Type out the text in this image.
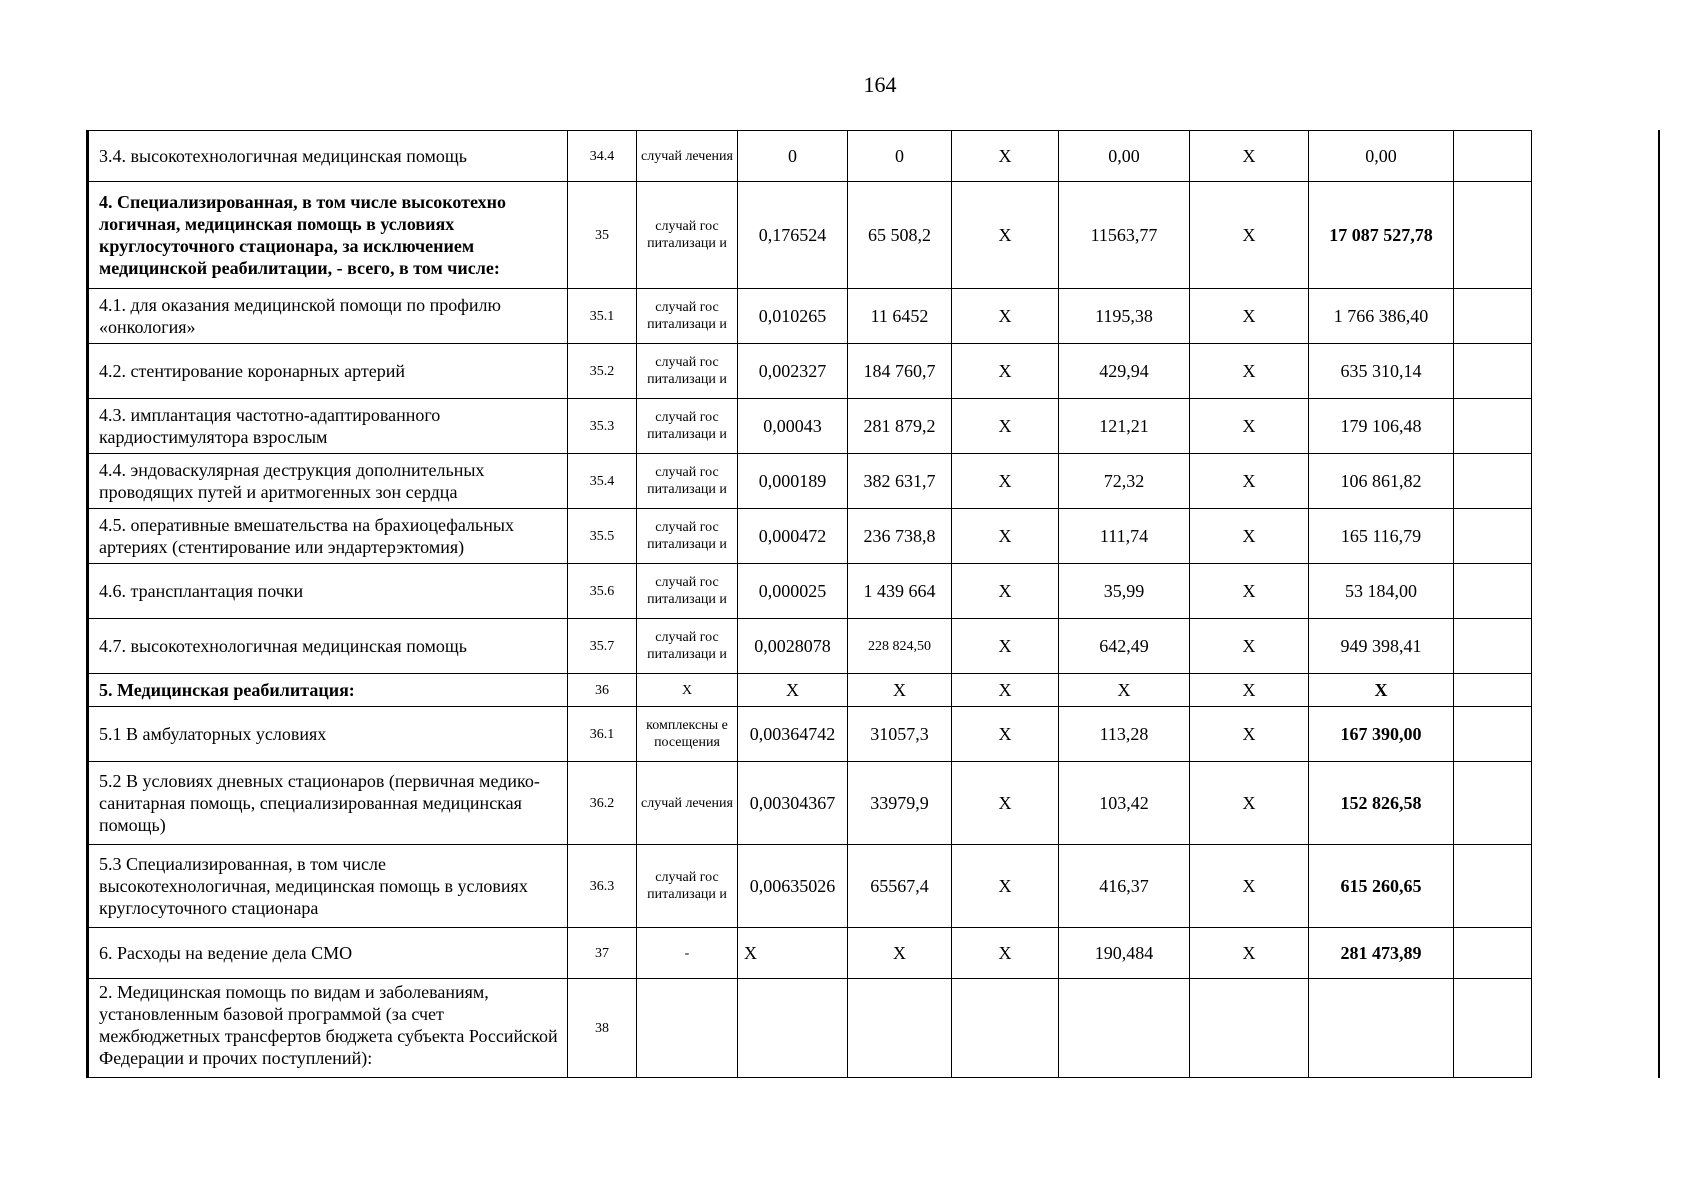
164
3.4. высокотехнологичная медицинская помощь	34.4	случай лечения	0	0	Х	0,00	Х	0,00	
4. Специализированная, в том числе высокотехно логичная, медицинская помощь в условиях круглосуточного стационара, за исключением медицинской реабилитации, - всего, в том числе:	35	случай гос питализаци и	0,176524	65 508,2	Х	11563,77	Х	17 087 527,78	
4.1. для оказания медицинской помощи по профилю «онкология»	35.1	случай гос питализаци и	0,010265	11 6452	Х	1195,38	Х	1 766 386,40	
4.2. стентирование коронарных артерий	35.2	случай гос питализаци и	0,002327	184 760,7	Х	429,94	Х	635 310,14	
4.3. имплантация частотно-адаптированного кардиостимулятора взрослым	35.3	случай гос питализаци и	0,00043	281 879,2	Х	121,21	Х	179 106,48	
4.4. эндоваскулярная деструкция дополнительных проводящих путей и аритмогенных зон сердца	35.4	случай гос питализаци и	0,000189	382 631,7	Х	72,32	Х	106 861,82	
4.5. оперативные вмешательства на брахиоцефальных артериях (стентирование или эндартерэктомия)	35.5	случай гос питализаци и	0,000472	236 738,8	Х	111,74	Х	165 116,79	
4.6. трансплантация почки	35.6	случай гос питализаци и	0,000025	1 439 664	Х	35,99	Х	53 184,00	
4.7. высокотехнологичная медицинская помощь	35.7	случай гос питализаци и	0,0028078	228 824,50	Х	642,49	Х	949 398,41	
5. Медицинская реабилитация:	36	Х	Х	Х	Х	Х	Х	Х	
5.1 В амбулаторных условиях	36.1	комплексны е посещения	0,00364742	31057,3	Х	113,28	Х	167 390,00	
5.2 В условиях дневных стационаров (первичная медико-санитарная помощь, специализированная медицинская помощь)	36.2	случай лечения	0,00304367	33979,9	Х	103,42	Х	152 826,58	
5.3 Специализированная, в том числе высокотехнологичная, медицинская помощь в условиях круглосуточного стационара	36.3	случай гос питализаци и	0,00635026	65567,4	Х	416,37	Х	615 260,65	
6. Расходы на ведение дела СМО	37	-	Х	Х	Х	190,484	Х	281 473,89	
2. Медицинская помощь по видам и заболеваниям, установленным базовой программой (за счет межбюджетных трансфертов бюджета субъекта Российской Федерации и прочих поступлений):	38								
